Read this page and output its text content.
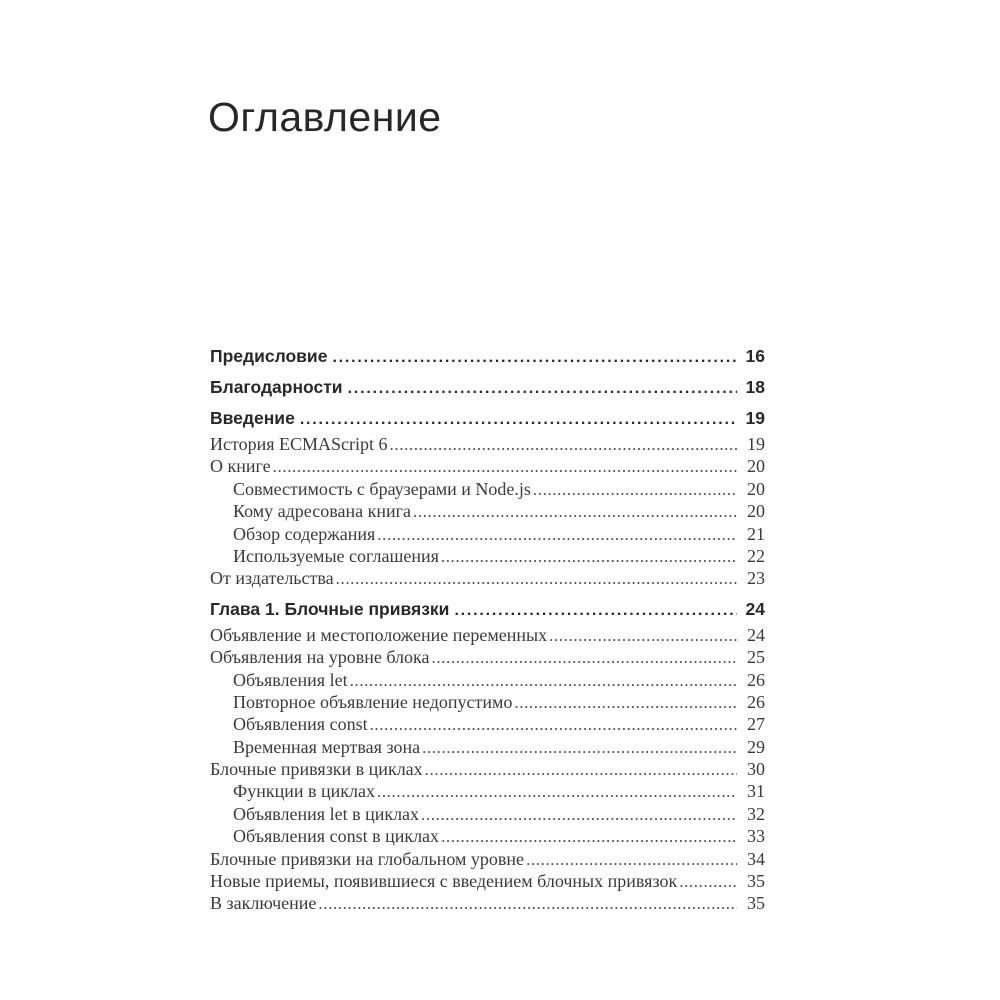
Оглавление
Предисловие .....	16
Благодарности .....	18
Введение .....	19
История ECMAScript 6 .....	19
О книге .....	20
Совместимость с браузерами и Node.js .....	20
Кому адресована книга .....	20
Обзор содержания .....	21
Используемые соглашения .....	22
От издательства .....	23
Глава 1. Блочные привязки .....	24
Объявление и местоположение переменных .....	24
Объявления на уровне блока .....	25
Объявления let .....	26
Повторное объявление недопустимо .....	26
Объявления const .....	27
Временная мертвая зона .....	29
Блочные привязки в циклах .....	30
Функции в циклах .....	31
Объявления let в циклах .....	32
Объявления const в циклах .....	33
Блочные привязки на глобальном уровне .....	34
Новые приемы, появившиеся с введением блочных привязок .....	35
В заключение .....	35
